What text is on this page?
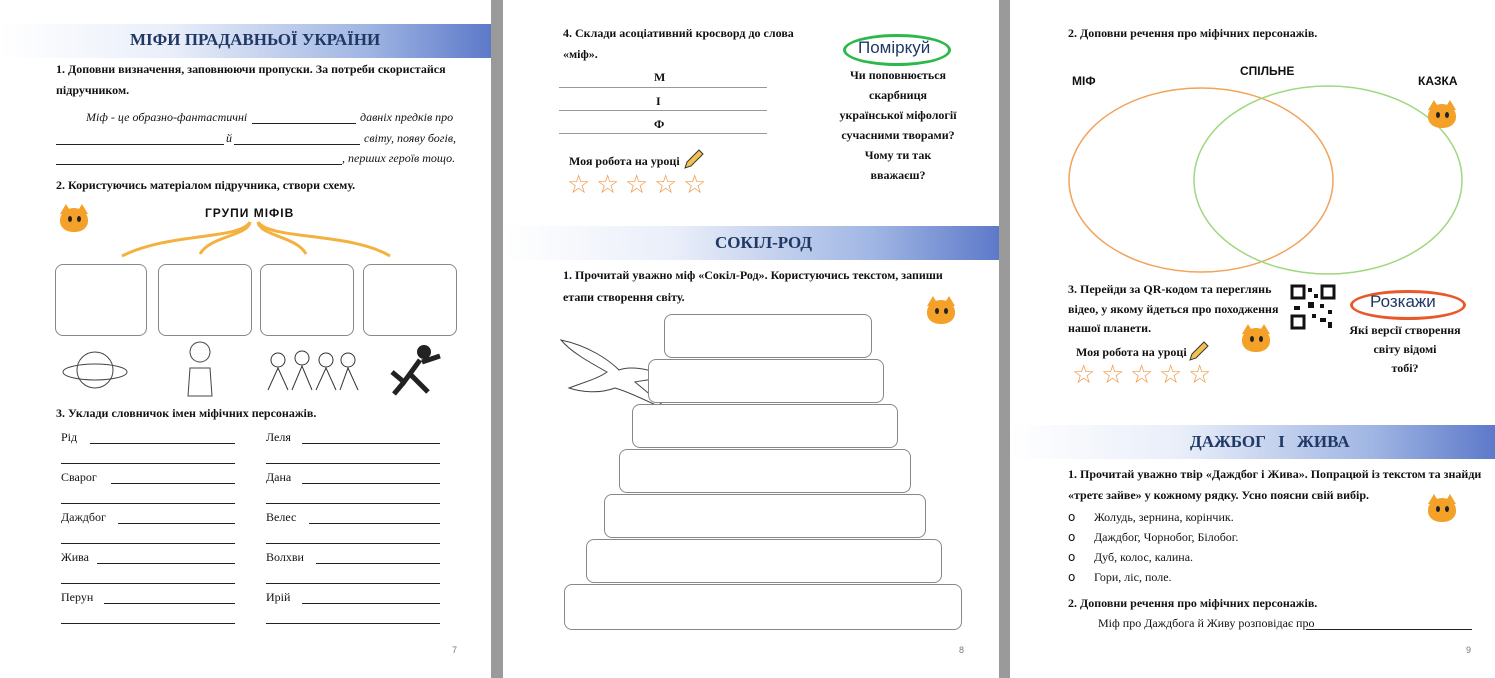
МІФИ ПРАДАВНЬОЇ УКРАЇНИ
1. Доповни визначення, заповнюючи пропуски. За потреби скористайся
підручником.
Міф - це образно-фантастичні	давніх предків про
й	світу, появу богів,
, перших героїв тощо.
2. Користуючись матеріалом підручника, створи схему.
ГРУПИ МІФІВ
3. Уклади словничок імен міфічних персонажів.
Рід
Сварог
Даждбог
Жива
Перун
Леля
Дана
Велес
Волхви
Ирій
7
4. Склади асоціативний кросворд до слова
«міф».
М
І
Ф
Поміркуй
Чи поповнюється
скарбниця
української міфології
сучасними творами?
Чому ти так
вважаєш?
Моя робота на уроці
☆ ☆ ☆ ☆ ☆
СОКІЛ-РОД
1. Прочитай уважно міф «Сокіл-Род». Користуючись текстом, запиши
етапи створення світу.
8
2. Доповни речення про міфічних персонажів.
МІФ
СПІЛЬНЕ
КАЗКА
3. Перейди за QR-кодом та переглянь
відео, у якому йдеться про походження
нашої планети.
Розкажи
Які версії створення
світу відомі
тобі?
Моя робота на уроці
☆ ☆ ☆ ☆ ☆
ДАЖБОГ І ЖИВА
1. Прочитай уважно твір «Даждбог і Жива». Попрацюй із текстом та знайди
«третє зайве» у кожному рядку. Усно поясни свій вибір.
o Жолудь, зернина, корінчик.
o Даждбог, Чорнобог, Білобог.
o Дуб, колос, калина.
o Гори, ліс, поле.
2. Доповни речення про міфічних персонажів.
Міф про Даждбога й Живу розповідає про
9
